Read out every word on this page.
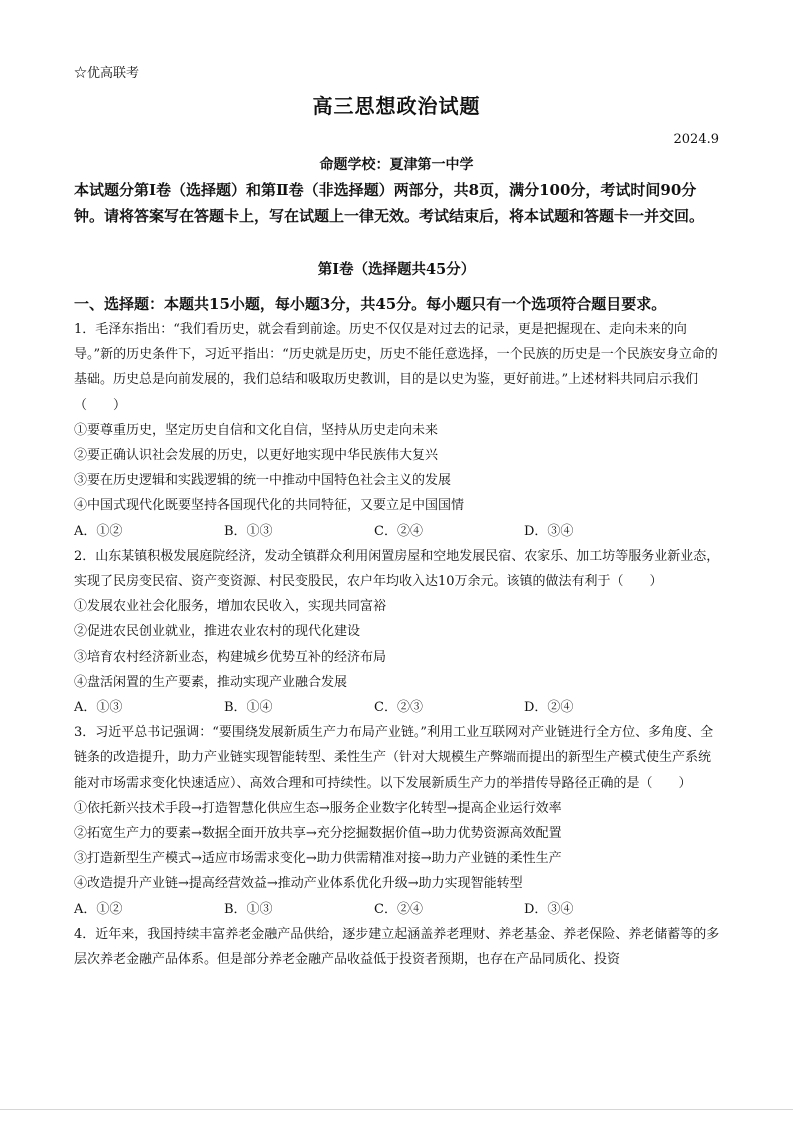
☆优高联考
高三思想政治试题
2024.9
命题学校：夏津第一中学

本试题分第Ⅰ卷（选择题）和第Ⅱ卷（非选择题）两部分，共8页，满分100分，考试时间90分钟。请将答案写在答题卡上，写在试题上一律无效。考试结束后，将本试题和答题卡一并交回。

第Ⅰ卷（选择题共45分）
一、选择题：本题共15小题，每小题3分，共45分。每小题只有一个选项符合题目要求。

1．毛泽东指出：“我们看历史，就会看到前途。历史不仅仅是对过去的记录，更是把握现在、走向未来的向导。”新的历史条件下，习近平指出：“历史就是历史，历史不能任意选择，一个民族的历史是一个民族安身立命的基础。历史总是向前发展的，我们总结和吸取历史教训，目的是以史为鉴，更好前进。”上述材料共同启示我们（　　）

①要尊重历史，坚定历史自信和文化自信，坚持从历史走向未来

②要正确认识社会发展的历史，以更好地实现中华民族伟大复兴

③要在历史逻辑和实践逻辑的统一中推动中国特色社会主义的发展

④中国式现代化既要坚持各国现代化的共同特征，又要立足中国国情

A．①②	B．①③	C．②④	D．③④

2．山东某镇积极发展庭院经济，发动全镇群众利用闲置房屋和空地发展民宿、农家乐、加工坊等服务业新业态，实现了民房变民宿、资产变资源、村民变股民，农户年均收入达10万余元。该镇的做法有利于（　　）

①发展农业社会化服务，增加农民收入，实现共同富裕

②促进农民创业就业，推进农业农村的现代化建设

③培育农村经济新业态，构建城乡优势互补的经济布局

④盘活闲置的生产要素，推动实现产业融合发展

A．①③	B．①④	C．②③	D．②④

3．习近平总书记强调：“要围绕发展新质生产力布局产业链。”利用工业互联网对产业链进行全方位、多角度、全链条的改造提升，助力产业链实现智能转型、柔性生产（针对大规模生产弊端而提出的新型生产模式使生产系统能对市场需求变化快速适应）、高效合理和可持续性。以下发展新质生产力的举措传导路径正确的是（　　）

①依托新兴技术手段→打造智慧化供应生态→服务企业数字化转型→提高企业运行效率

②拓宽生产力的要素→数据全面开放共享→充分挖掘数据价值→助力优势资源高效配置

③打造新型生产模式→适应市场需求变化→助力供需精准对接→助力产业链的柔性生产

④改造提升产业链→提高经营效益→推动产业体系优化升级→助力实现智能转型

A．①②	B．①③	C．②④	D．③④

4．近年来，我国持续丰富养老金融产品供给，逐步建立起涵盖养老理财、养老基金、养老保险、养老储蓄等的多层次养老金融产品体系。但是部分养老金融产品收益低于投资者预期，也存在产品同质化、投资
